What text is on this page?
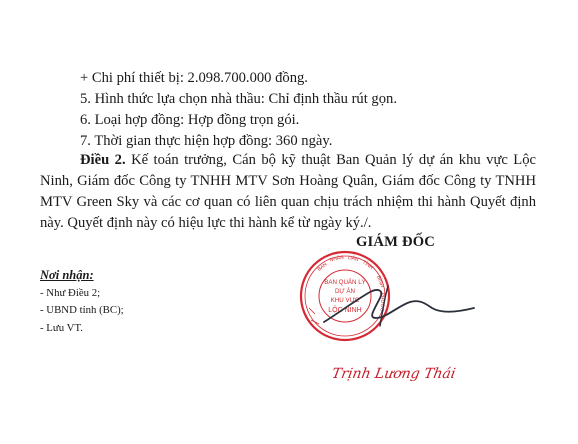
+ Chi phí thiết bị: 2.098.700.000 đồng.
5. Hình thức lựa chọn nhà thầu: Chỉ định thầu rút gọn.
6. Loại hợp đồng: Hợp đồng trọn gói.
7. Thời gian thực hiện hợp đồng: 360 ngày.
Điều 2. Kế toán trưởng, Cán bộ kỹ thuật Ban Quản lý dự án khu vực Lộc Ninh, Giám đốc Công ty TNHH MTV Sơn Hoàng Quân, Giám đốc Công ty TNHH MTV Green Sky và các cơ quan có liên quan chịu trách nhiệm thi hành Quyết định này. Quyết định này có hiệu lực thi hành kể từ ngày ký./.
GIÁM ĐỐC
Nơi nhận:
- Như Điều 2;
- UBND tỉnh (BC);
- Lưu VT.
BAN QUẢN LÝ
DỰ ÁN
KHU VỰC
LỘC NINH
BAN
NHÂN DÂN
TỈNH
BÌNH
PHƯỚC
Trịnh Lương Thái
